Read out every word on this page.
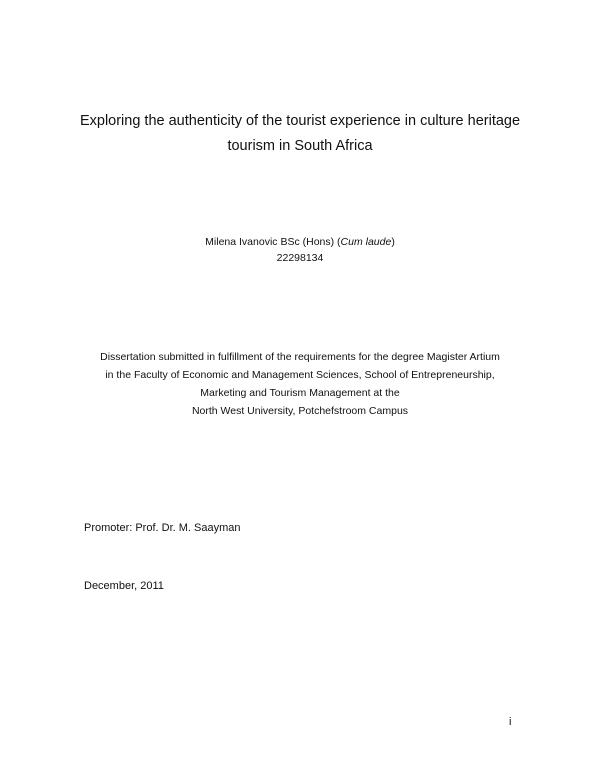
Exploring the authenticity of the tourist experience in culture heritage
tourism in South Africa
Milena Ivanovic BSc (Hons) (Cum laude)
22298134
Dissertation submitted in fulfillment of the requirements for the degree Magister Artium
in the Faculty of Economic and Management Sciences, School of Entrepreneurship,
Marketing and Tourism Management at the
North West University, Potchefstroom Campus
Promoter: Prof. Dr. M. Saayman
December, 2011
i
